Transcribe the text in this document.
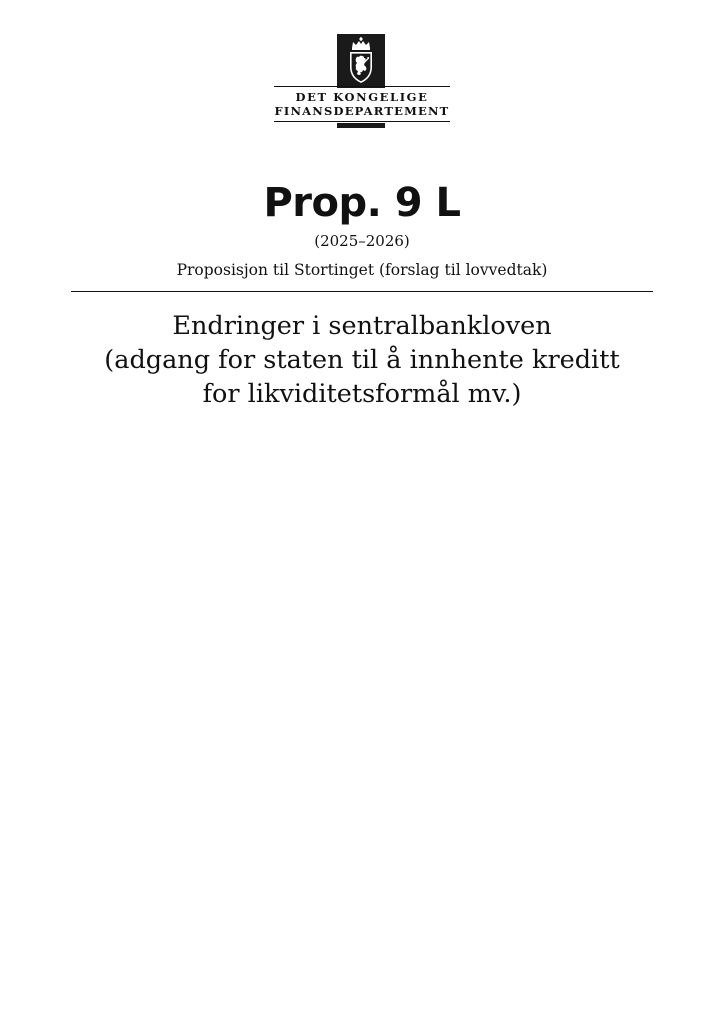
DET KONGELIGE
FINANSDEPARTEMENT
Prop. 9 L
(2025–2026)
Proposisjon til Stortinget (forslag til lovvedtak)
Endringer i sentralbankloven
(adgang for staten til å innhente kreditt
for likviditetsformål mv.)
